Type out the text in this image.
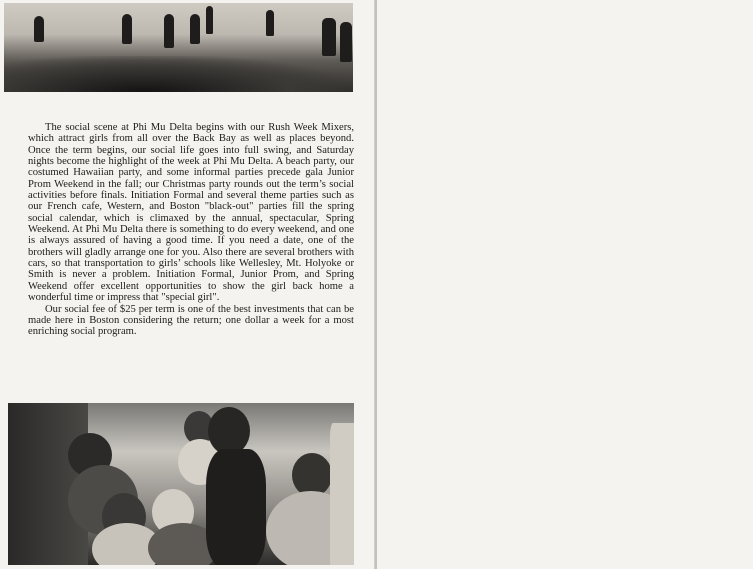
The social scene at Phi Mu Delta begins with our Rush Week Mixers, which attract girls from all over the Back Bay as well as places beyond. Once the term begins, our social life goes into full swing, and Saturday nights become the highlight of the week at Phi Mu Delta. A beach party, our costumed Hawaiian party, and some informal parties precede gala Junior Prom Weekend in the fall; our Christmas party rounds out the term’s social activities before finals. Initiation Formal and several theme parties such as our French cafe, Western, and Boston "black-out" parties fill the spring social calendar, which is climaxed by the annual, spectacular, Spring Weekend. At Phi Mu Delta there is something to do every weekend, and one is always assured of having a good time. If you need a date, one of the brothers will gladly arrange one for you. Also there are several brothers with cars, so that transportation to girls’ schools like Wellesley, Mt. Holyoke or Smith is never a problem. Initiation Formal, Junior Prom, and Spring Weekend offer excellent opportunities to show the girl back home a wonderful time or impress that "special girl".

Our social fee of $25 per term is one of the best investments that can be made here in Boston considering the return; one dollar a week for a most enriching social program.
